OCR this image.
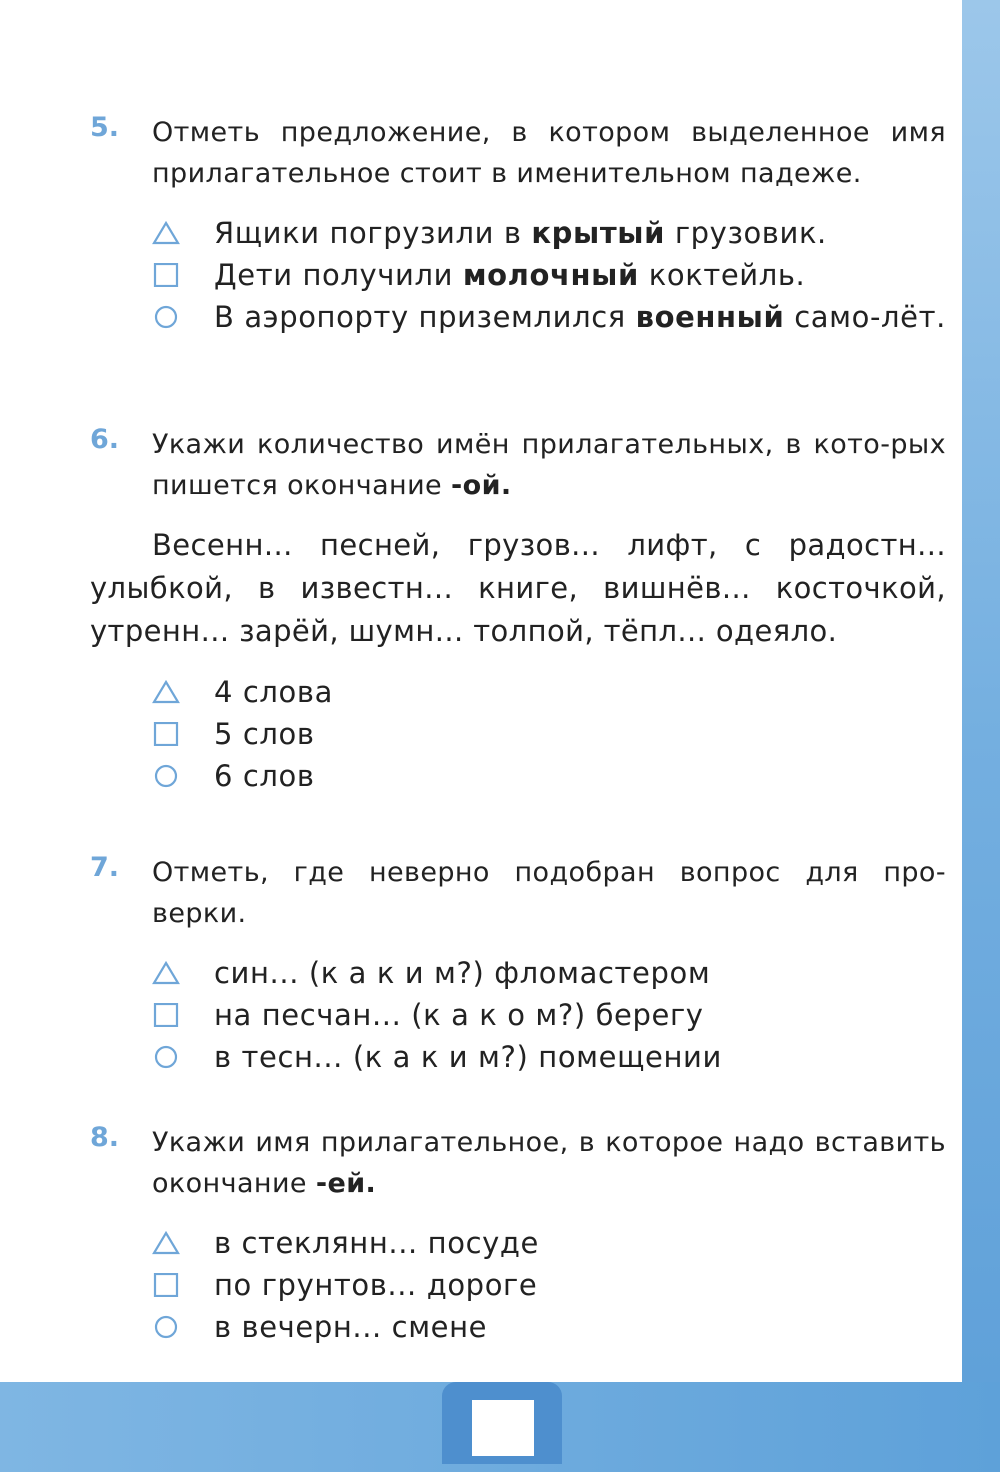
5. Отметь предложение, в котором выделенное имя прилагательное стоит в именительном падеже.
Ящики погрузили в крытый грузовик.
Дети получили молочный коктейль.
В аэропорту приземлился военный само-лёт.
6. Укажи количество имён прилагательных, в кото-рых пишется окончание -ой.
Весенн... песней, грузов... лифт, с радостн... улыбкой, в известн... книге, вишнёв... косточкой, утренн... зарёй, шумн... толпой, тёпл... одеяло.
4 слова
5 слов
6 слов
7. Отметь, где неверно подобран вопрос для про-верки.
син... (к а к и м?) фломастером
на песчан... (к а к о м?) берегу
в тесн... (к а к и м?) помещении
8. Укажи имя прилагательное, в которое надо вставить окончание -ей.
в стеклянн... посуде
по грунтов... дороге
в вечерн... смене
